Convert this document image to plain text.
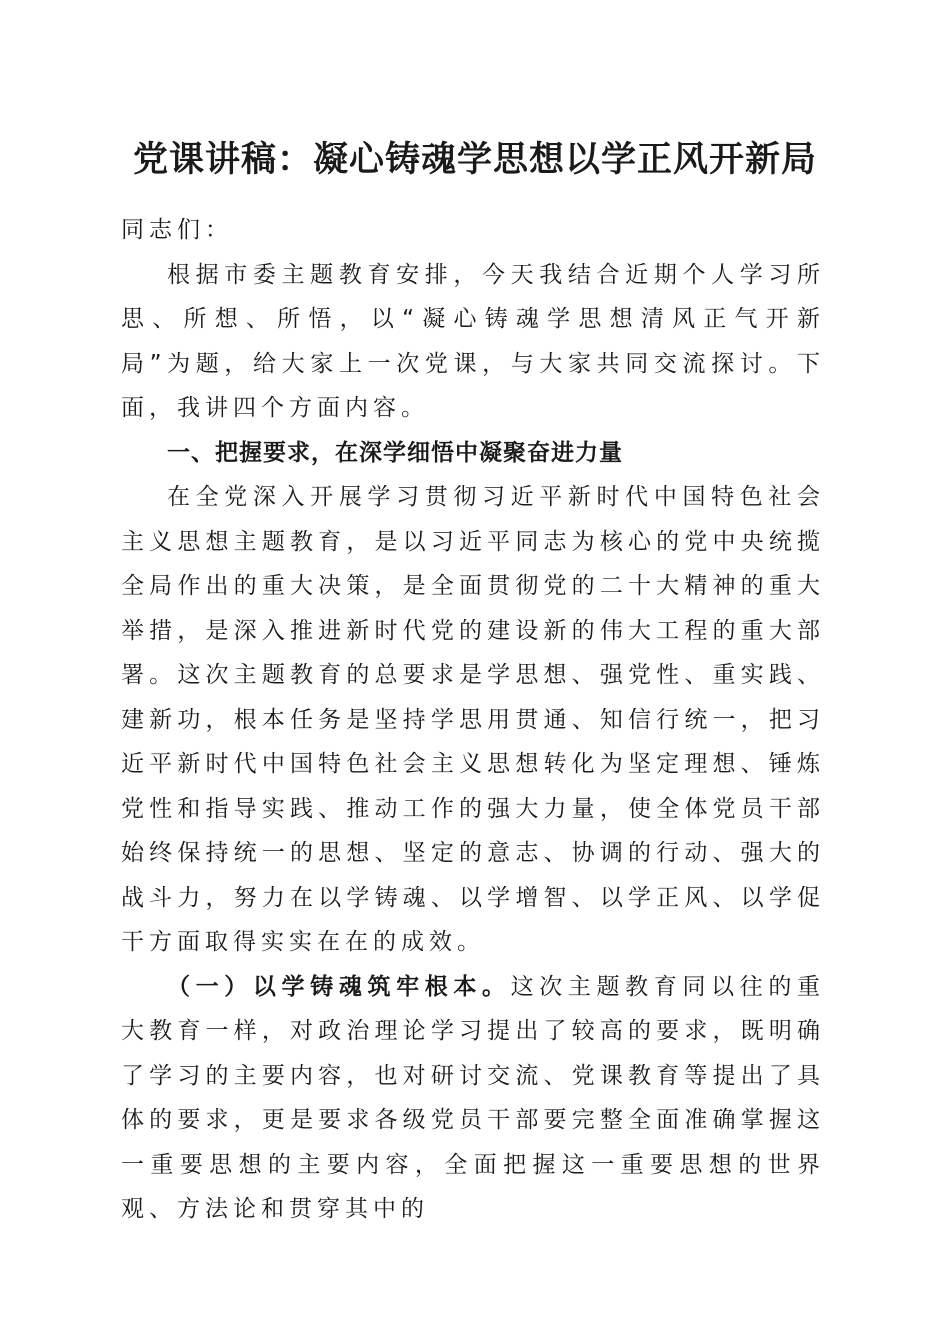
党课讲稿：凝心铸魂学思想以学正风开新局

同志们：

根据市委主题教育安排，今天我结合近期个人学习所思、所想、所悟，以“凝心铸魂学思想清风正气开新局”为题，给大家上一次党课，与大家共同交流探讨。下面，我讲四个方面内容。

一、把握要求，在深学细悟中凝聚奋进力量

在全党深入开展学习贯彻习近平新时代中国特色社会主义思想主题教育，是以习近平同志为核心的党中央统揽全局作出的重大决策，是全面贯彻党的二十大精神的重大举措，是深入推进新时代党的建设新的伟大工程的重大部署。这次主题教育的总要求是学思想、强党性、重实践、建新功，根本任务是坚持学思用贯通、知信行统一，把习近平新时代中国特色社会主义思想转化为坚定理想、锤炼党性和指导实践、推动工作的强大力量，使全体党员干部始终保持统一的思想、坚定的意志、协调的行动、强大的战斗力，努力在以学铸魂、以学增智、以学正风、以学促干方面取得实实在在的成效。

（一）以学铸魂筑牢根本。这次主题教育同以往的重大教育一样，对政治理论学习提出了较高的要求，既明确了学习的主要内容，也对研讨交流、党课教育等提出了具体的要求，更是要求各级党员干部要完整全面准确掌握这一重要思想的主要内容，全面把握这一重要思想的世界观、方法论和贯穿其中的
